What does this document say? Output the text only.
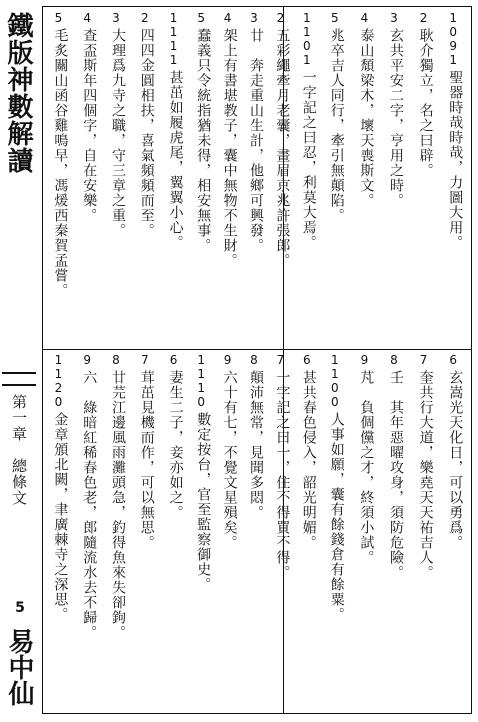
鐵版神數解讀
第一章　總條文
5
易中仙
1091
聖器時哉時哉，力圖大用。
2
耿介獨立，名之曰辟。
3
玄共平安二字，亨用之時。
4
泰山頹梁木，壞天喪斯文。
5
兆卒吉人同行，牽引無顛陷。
1101
一字記之曰忍，利莫大焉。
2
五彩繩牽月老囊，畫眉京兆許張郎。
3
廿　奔走重山生計，他鄉可興發。
4
架上有書堪教子，囊中無物不生財。
5
蠢義只令統指猶未得，相安無事。
1111
甚茁如履虎尾，翼翼小心。
2
四四金圓相扶，喜氣頻頻而至。
3
大理爲九寺之職，守三章之重。
4
查盃斯年四個字，自在安樂。
5
毛炙關山函谷雞鳴早，馮煖西秦賀孟嘗。
6
玄嵩光天化日，可以勇爲。
7
奎共行大道，樂堯天天祐吉人。
8
壬　其年惡曜攻身，須防危險。
9
芃　負倜儻之才，終須小試。
1100
人事如願，囊有餘錢倉有餘粟。
6
甚共春色侵入，韶光明媚。
7
一字記之曰一，住不得買不得。
8
顛沛無常，見聞多悶。
9
六十有七，不覺文星殞矣。
1110
數定按台，官至監察御史。
6
妻生二子，妾亦如之。
7
茸茁見機而作，可以無思。
8
廿芫江邊風雨灘頭急，釣得魚來失卻鉤。
9
六　綠暗紅稀春色老，郎隨流水去不歸。
1120
金章頒北闕，聿廣棘寺之深思。
